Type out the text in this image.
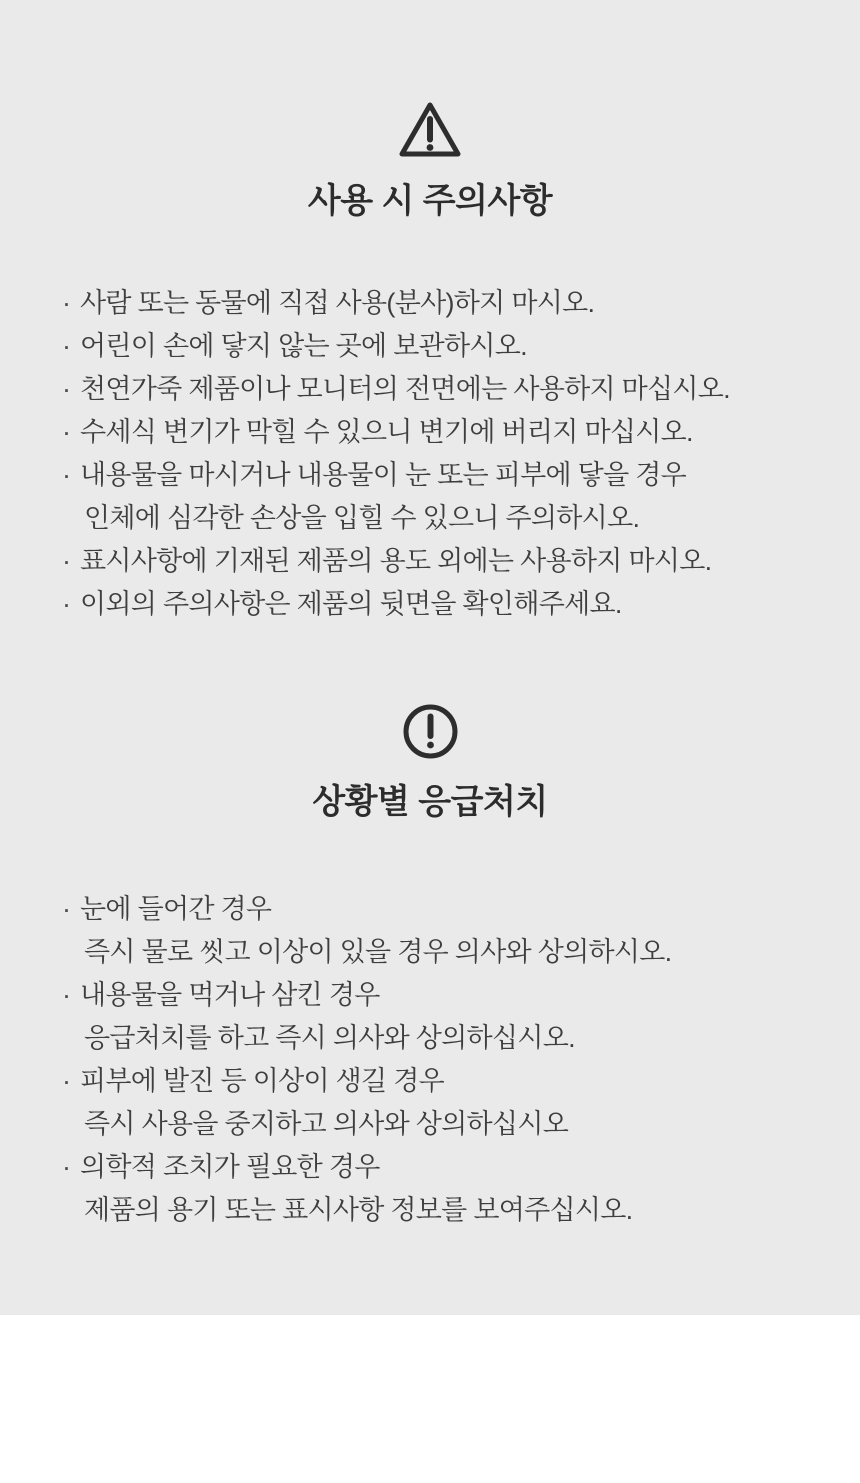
사용 시 주의사항
· 사람 또는 동물에 직접 사용(분사)하지 마시오.
· 어린이 손에 닿지 않는 곳에 보관하시오.
· 천연가죽 제품이나 모니터의 전면에는 사용하지 마십시오.
· 수세식 변기가 막힐 수 있으니 변기에 버리지 마십시오.
· 내용물을 마시거나 내용물이 눈 또는 피부에 닿을 경우
인체에 심각한 손상을 입힐 수 있으니 주의하시오.
· 표시사항에 기재된 제품의 용도 외에는 사용하지 마시오.
· 이외의 주의사항은 제품의 뒷면을 확인해주세요.
상황별 응급처치
· 눈에 들어간 경우
즉시 물로 씻고 이상이 있을 경우 의사와 상의하시오.
· 내용물을 먹거나 삼킨 경우
응급처치를 하고 즉시 의사와 상의하십시오.
· 피부에 발진 등 이상이 생길 경우
즉시 사용을 중지하고 의사와 상의하십시오
· 의학적 조치가 필요한 경우
제품의 용기 또는 표시사항 정보를 보여주십시오.
